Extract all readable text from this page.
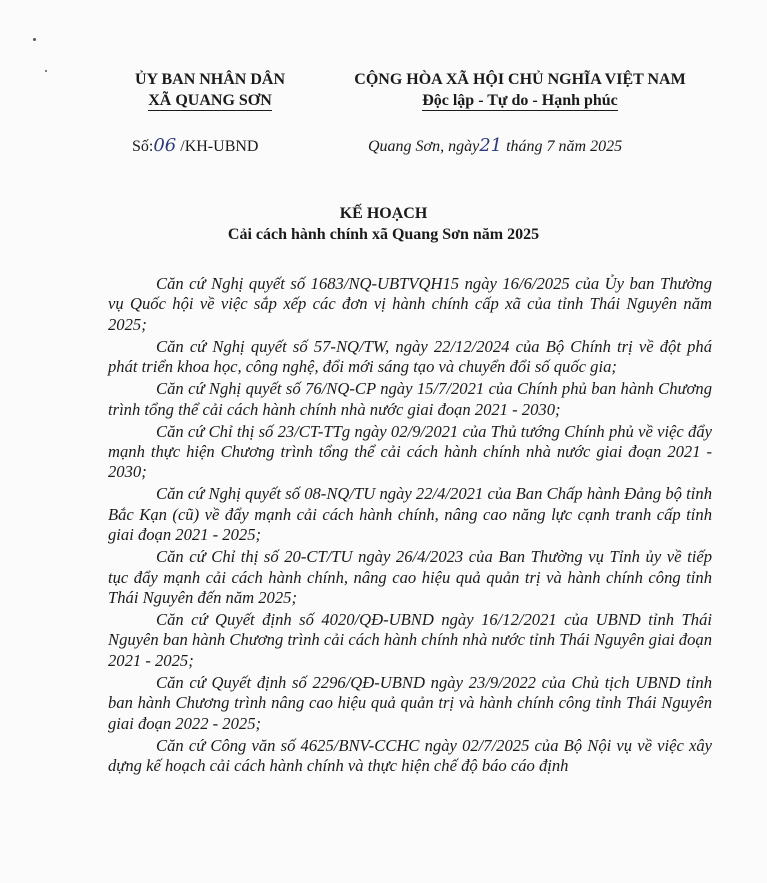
ỦY BAN NHÂN DÂN
XÃ QUANG SƠN
CỘNG HÒA XÃ HỘI CHỦ NGHĨA VIỆT NAM
Độc lập - Tự do - Hạnh phúc
Số:06 /KH-UBND	Quang Sơn, ngày21 tháng 7 năm 2025
KẾ HOẠCH
Cải cách hành chính xã Quang Sơn năm 2025

Căn cứ Nghị quyết số 1683/NQ-UBTVQH15 ngày 16/6/2025 của Ủy ban Thường vụ Quốc hội về việc sắp xếp các đơn vị hành chính cấp xã của tỉnh Thái Nguyên năm 2025;

Căn cứ Nghị quyết số 57-NQ/TW, ngày 22/12/2024 của Bộ Chính trị về đột phá phát triển khoa học, công nghệ, đổi mới sáng tạo và chuyển đổi số quốc gia;

Căn cứ Nghị quyết số 76/NQ-CP ngày 15/7/2021 của Chính phủ ban hành Chương trình tổng thể cải cách hành chính nhà nước giai đoạn 2021 - 2030;

Căn cứ Chỉ thị số 23/CT-TTg ngày 02/9/2021 của Thủ tướng Chính phủ về việc đẩy mạnh thực hiện Chương trình tổng thể cải cách hành chính nhà nước giai đoạn 2021 - 2030;

Căn cứ Nghị quyết số 08-NQ/TU ngày 22/4/2021 của Ban Chấp hành Đảng bộ tỉnh Bắc Kạn (cũ) về đẩy mạnh cải cách hành chính, nâng cao năng lực cạnh tranh cấp tỉnh giai đoạn 2021 - 2025;

Căn cứ Chỉ thị số 20-CT/TU ngày 26/4/2023 của Ban Thường vụ Tỉnh ủy về tiếp tục đẩy mạnh cải cách hành chính, nâng cao hiệu quả quản trị và hành chính công tỉnh Thái Nguyên đến năm 2025;

Căn cứ Quyết định số 4020/QĐ-UBND ngày 16/12/2021 của UBND tỉnh Thái Nguyên ban hành Chương trình cải cách hành chính nhà nước tỉnh Thái Nguyên giai đoạn 2021 - 2025;

Căn cứ Quyết định số 2296/QĐ-UBND ngày 23/9/2022 của Chủ tịch UBND tỉnh ban hành Chương trình nâng cao hiệu quả quản trị và hành chính công tỉnh Thái Nguyên giai đoạn 2022 - 2025;

Căn cứ Công văn số 4625/BNV-CCHC ngày 02/7/2025 của Bộ Nội vụ về việc xây dựng kế hoạch cải cách hành chính và thực hiện chế độ báo cáo định
